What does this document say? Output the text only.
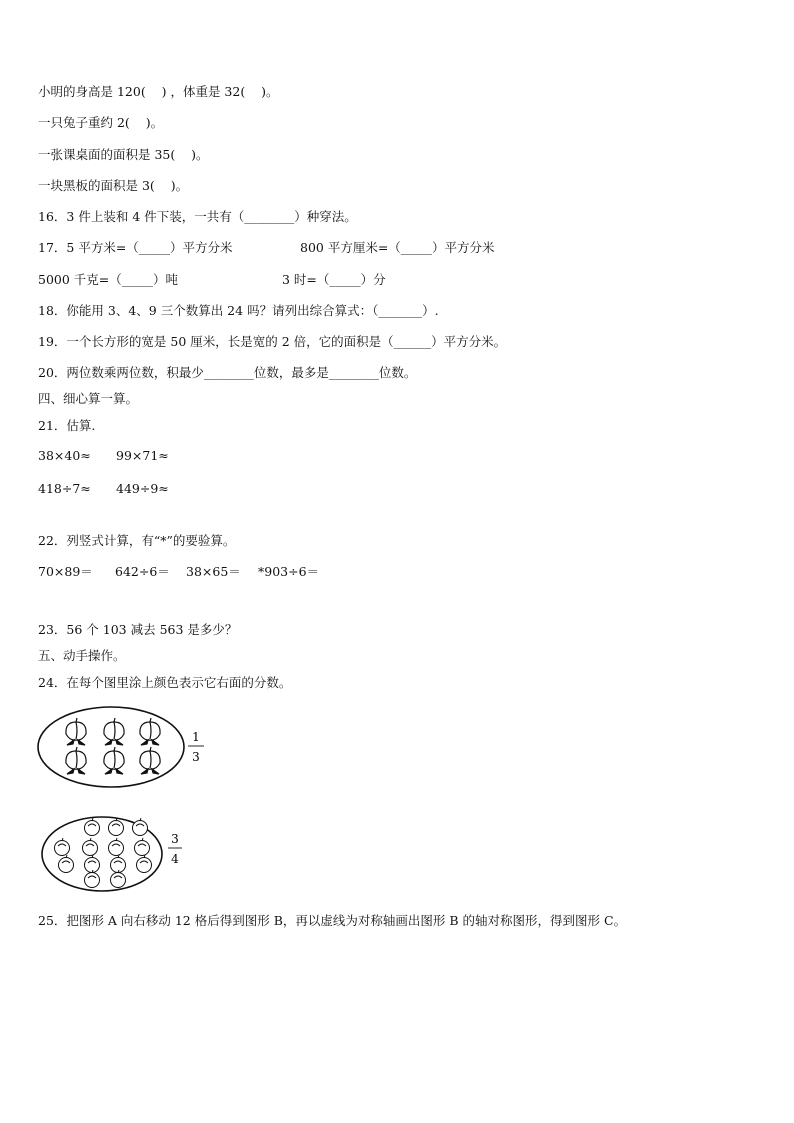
小明的身高是 120(    ) ，体重是 32(    )。
一只兔子重约 2(    )。
一张课桌面的面积是 35(    )。
一块黑板的面积是 3(    )。
16．3 件上装和 4 件下装，一共有（________）种穿法。
17．5 平方米=（_____）平方分米	800 平方厘米=（_____）平方分米
5000 千克=（_____）吨	3 时=（_____）分
18．你能用 3、4、9 三个数算出 24 吗？请列出综合算式：（_______）.
19．一个长方形的宽是 50 厘米，长是宽的 2 倍，它的面积是（______）平方分米。
20．两位数乘两位数，积最少________位数，最多是________位数。
四、细心算一算。
21．估算.
38×40≈ 99×71≈
418÷7≈ 449÷9≈
22．列竖式计算，有“*”的要验算。
70×89＝ 642÷6＝ 38×65＝ *903÷6＝
23．56 个 103 减去 563 是多少？
五、动手操作。
24．在每个图里涂上颜色表示它右面的分数。
1
3
3
4
25．把图形 A 向右移动 12 格后得到图形 B，再以虚线为对称轴画出图形 B 的轴对称图形，得到图形 C。
